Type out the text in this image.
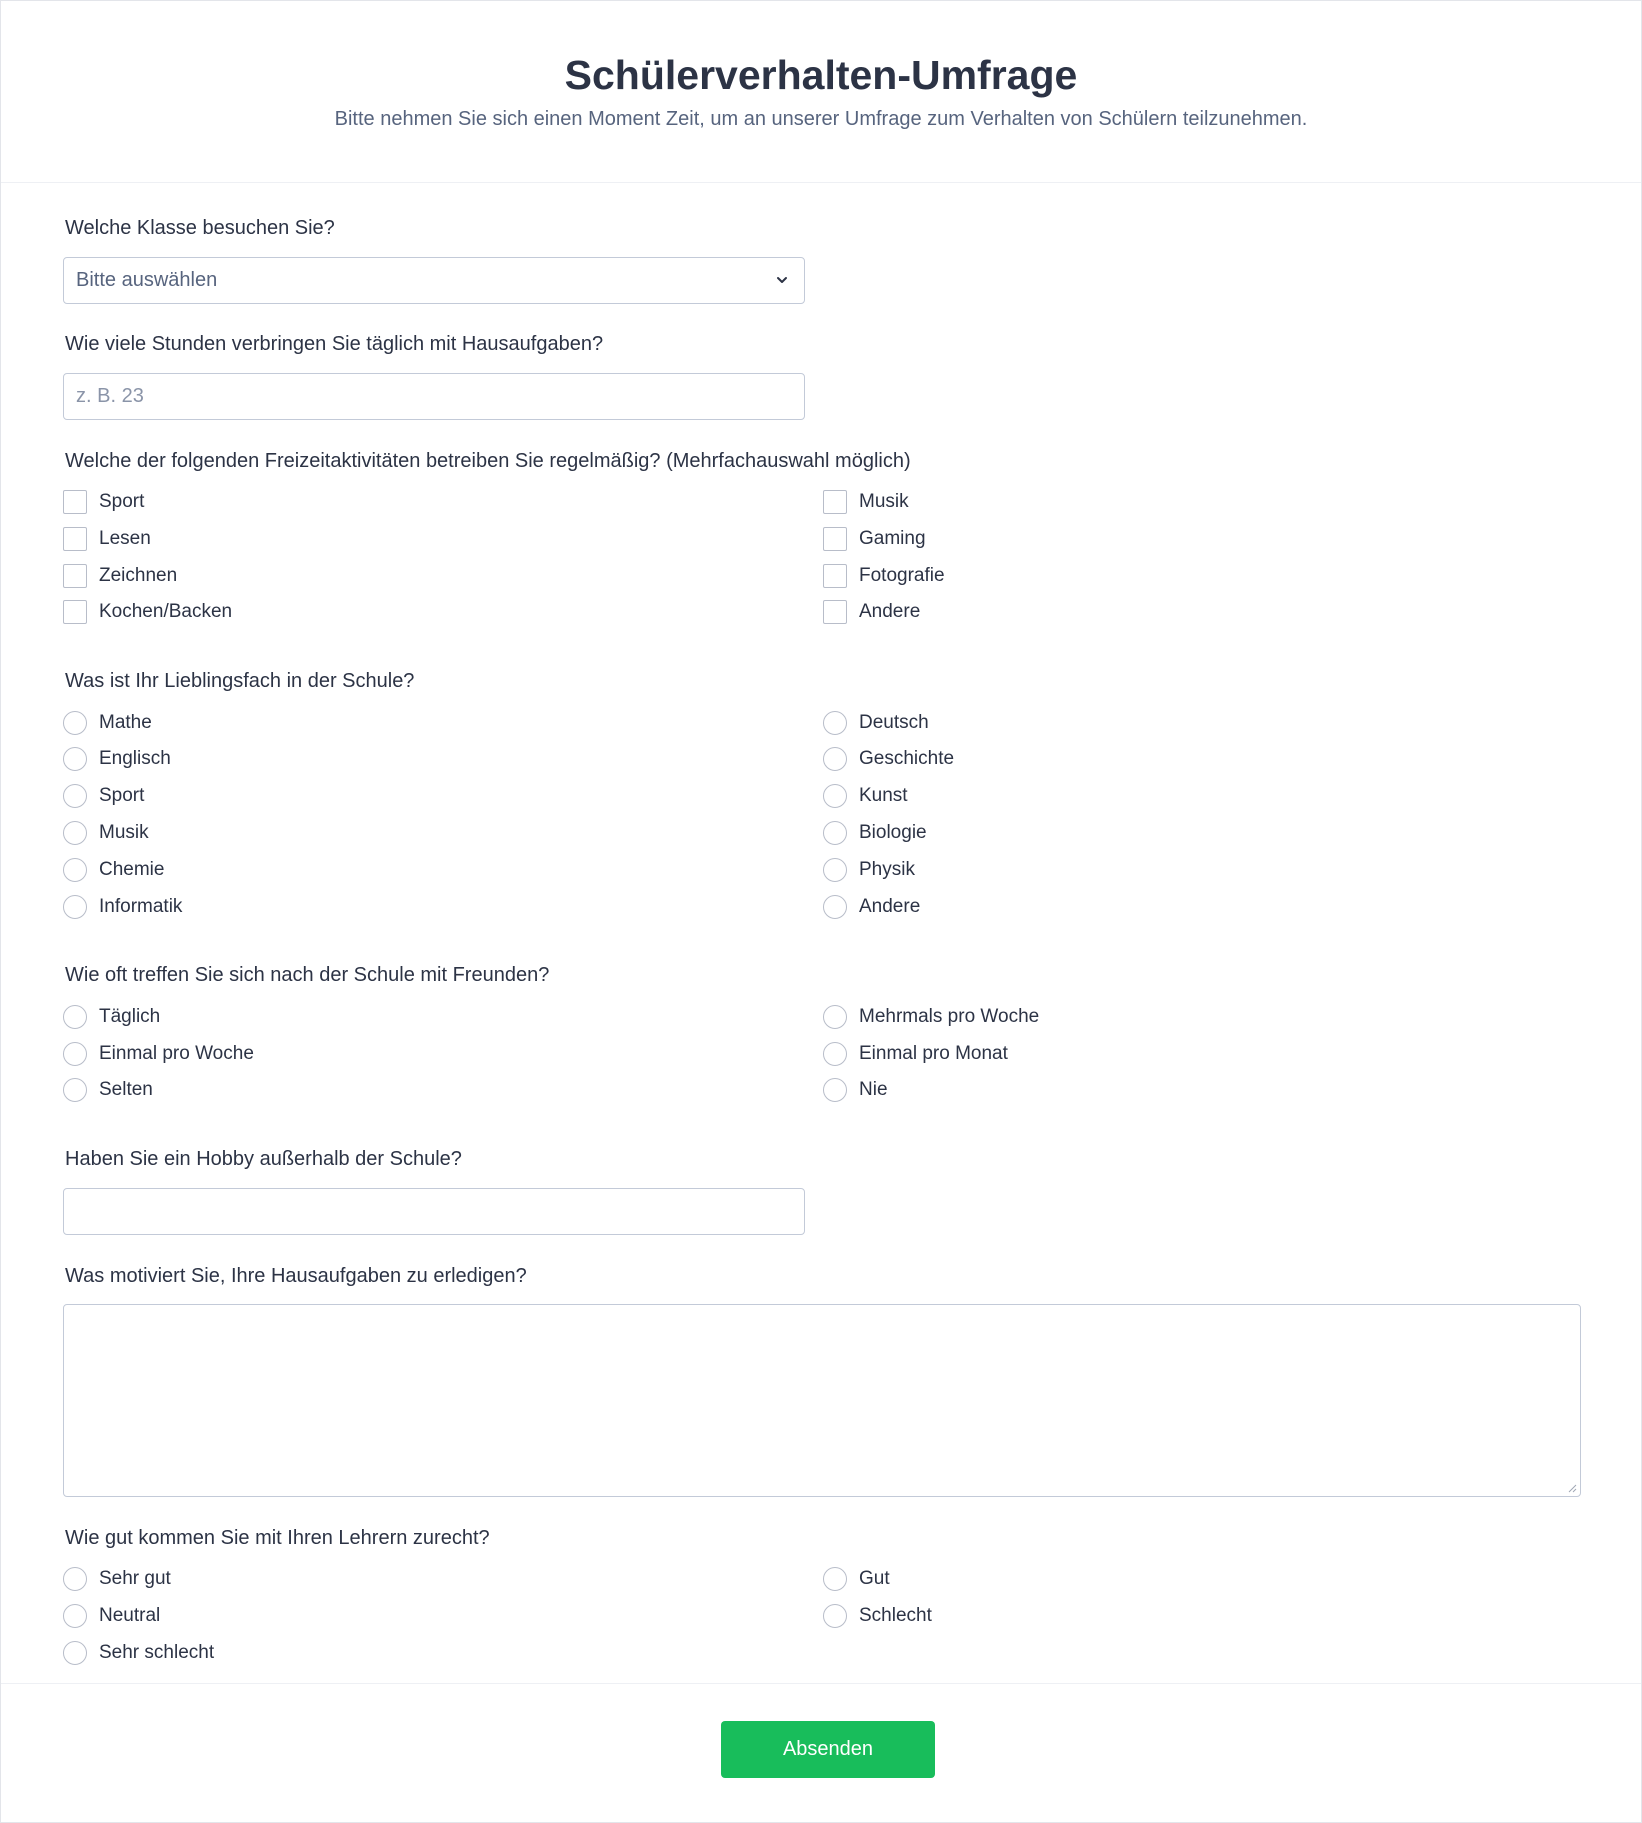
Schülerverhalten-Umfrage
Bitte nehmen Sie sich einen Moment Zeit, um an unserer Umfrage zum Verhalten von Schülern teilzunehmen.
Welche Klasse besuchen Sie?
Bitte auswählen
Wie viele Stunden verbringen Sie täglich mit Hausaufgaben?
z. B. 23
Welche der folgenden Freizeitaktivitäten betreiben Sie regelmäßig? (Mehrfachauswahl möglich)
Sport	Musik
Lesen	Gaming
Zeichnen	Fotografie
Kochen/Backen	Andere
Was ist Ihr Lieblingsfach in der Schule?
Mathe	Deutsch
Englisch	Geschichte
Sport	Kunst
Musik	Biologie
Chemie	Physik
Informatik	Andere
Wie oft treffen Sie sich nach der Schule mit Freunden?
Täglich	Mehrmals pro Woche
Einmal pro Woche	Einmal pro Monat
Selten	Nie
Haben Sie ein Hobby außerhalb der Schule?
Was motiviert Sie, Ihre Hausaufgaben zu erledigen?
Wie gut kommen Sie mit Ihren Lehrern zurecht?
Sehr gut	Gut
Neutral	Schlecht
Sehr schlecht
Absenden
